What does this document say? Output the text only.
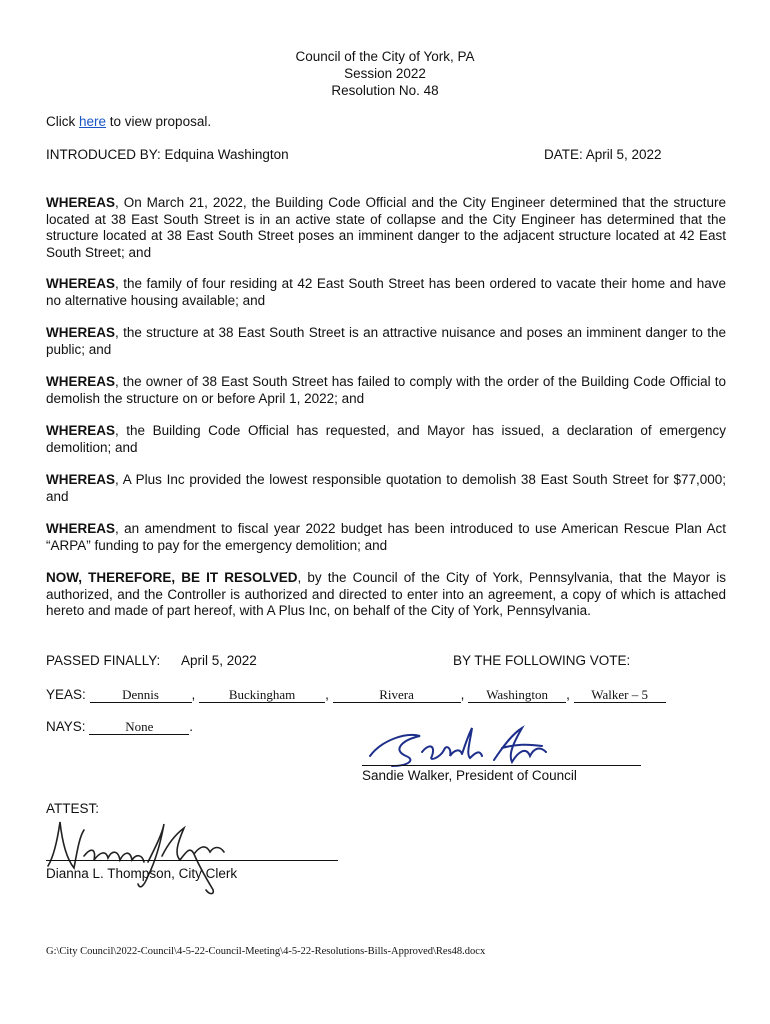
Council of the City of York, PA
Session 2022
Resolution No. 48
Click here to view proposal.
INTRODUCED BY: Edquina Washington	DATE: April 5, 2022
WHEREAS, On March 21, 2022, the Building Code Official and the City Engineer determined that the structure located at 38 East South Street is in an active state of collapse and the City Engineer has determined that the structure located at 38 East South Street poses an imminent danger to the adjacent structure located at 42 East South Street; and
WHEREAS, the family of four residing at 42 East South Street has been ordered to vacate their home and have no alternative housing available; and
WHEREAS, the structure at 38 East South Street is an attractive nuisance and poses an imminent danger to the public; and
WHEREAS, the owner of 38 East South Street has failed to comply with the order of the Building Code Official to demolish the structure on or before April 1, 2022; and
WHEREAS, the Building Code Official has requested, and Mayor has issued, a declaration of emergency demolition; and
WHEREAS, A Plus Inc provided the lowest responsible quotation to demolish 38 East South Street for $77,000; and
WHEREAS, an amendment to fiscal year 2022 budget has been introduced to use American Rescue Plan Act “ARPA” funding to pay for the emergency demolition; and
NOW, THEREFORE, BE IT RESOLVED, by the Council of the City of York, Pennsylvania, that the Mayor is authorized, and the Controller is authorized and directed to enter into an agreement, a copy of which is attached hereto and made of part hereof, with A Plus Inc, on behalf of the City of York, Pennsylvania.
PASSED FINALLY: April 5, 2022	BY THE FOLLOWING VOTE:
YEAS:	Dennis , Buckingham ,	Rivera	, Washington , Walker – 5
NAYS:	None	.
Sandie Walker, President of Council
ATTEST:
Dianna L. Thompson, City Clerk
G:\City Council\2022-Council\4-5-22-Council-Meeting\4-5-22-Resolutions-Bills-Approved\Res48.docx
